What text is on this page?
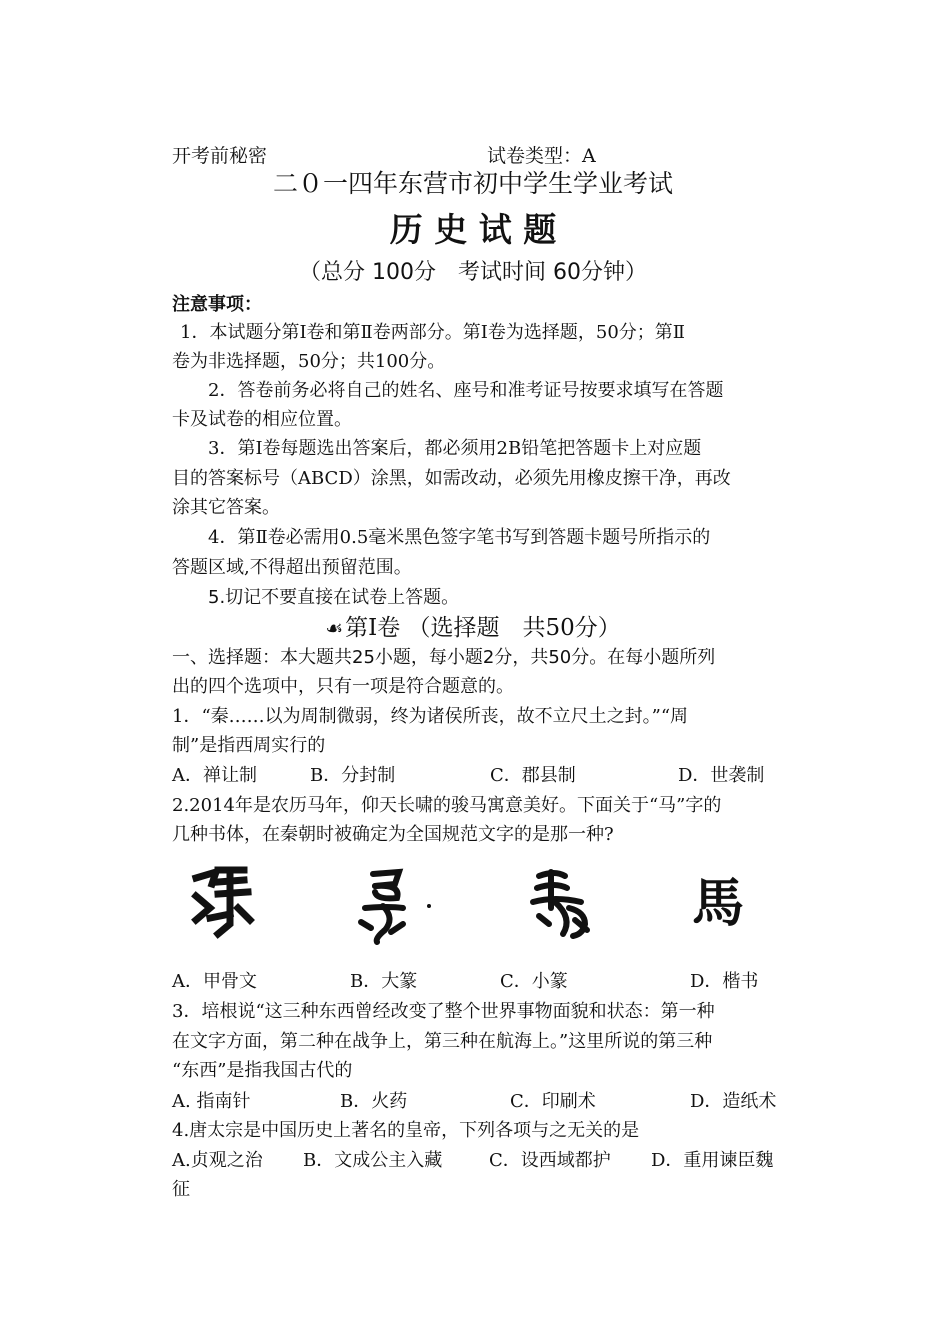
开考前秘密	试卷类型：A
二０一四年东营市初中学生学业考试
历 史 试 题
（总分 100分　考试时间 60分钟）
注意事项：
1．本试题分第Ⅰ卷和第Ⅱ卷两部分。第Ⅰ卷为选择题，50分；第Ⅱ
卷为非选择题，50分；共100分。
2．答卷前务必将自己的姓名、座号和准考证号按要求填写在答题
卡及试卷的相应位置。
3．第Ⅰ卷每题选出答案后，都必须用2B铅笔把答题卡上对应题
目的答案标号（ABCD）涂黑，如需改动，必须先用橡皮擦干净，再改
涂其它答案。
4．第Ⅱ卷必需用0.5毫米黑色签字笔书写到答题卡题号所指示的
答题区域,不得超出预留范围。
5.切记不要直接在试卷上答题。
☙第Ⅰ卷 （选择题　共50分）
一、选择题：本大题共25小题，每小题2分，共50分。在每小题所列
出的四个选项中，只有一项是符合题意的。
1．“秦……以为周制微弱，终为诸侯所丧，故不立尺土之封。”“周
制”是指西周实行的
A．禅让制	B．分封制	C．郡县制	D．世袭制
2.2014年是农历马年，仰天长啸的骏马寓意美好。下面关于“马”字的
几种书体，在秦朝时被确定为全国规范文字的是那一种?
馬
A．甲骨文	B．大篆	C．小篆	D．楷书
3．培根说“这三种东西曾经改变了整个世界事物面貌和状态：第一种
在文字方面，第二种在战争上，第三种在航海上。”这里所说的第三种
“东西”是指我国古代的
A. 指南针	B．火药	C．印刷术	D．造纸术
4.唐太宗是中国历史上著名的皇帝，下列各项与之无关的是
A.贞观之治 B．文成公主入藏	C．设西域都护 D．重用谏臣魏
征
